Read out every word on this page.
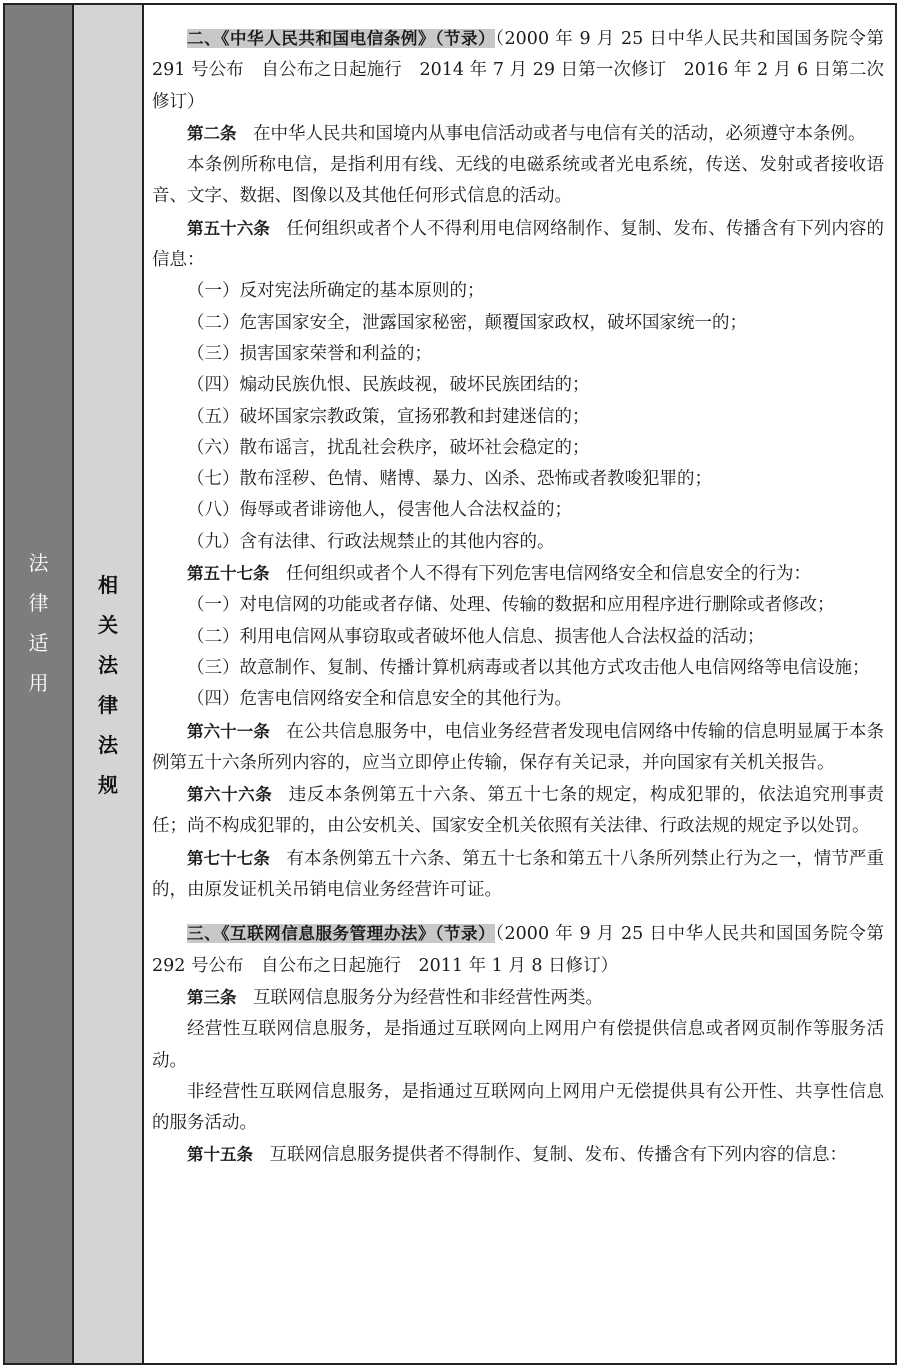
法
律
适
用
相
关
法
律
法
规

二、《中华人民共和国电信条例》（节录）（2000 年 9 月 25 日中华人民共和国国务院令第 291 号公布　自公布之日起施行　2014 年 7 月 29 日第一次修订　2016 年 2 月 6 日第二次修订）

第二条 在中华人民共和国境内从事电信活动或者与电信有关的活动，必须遵守本条例。

本条例所称电信，是指利用有线、无线的电磁系统或者光电系统，传送、发射或者接收语音、文字、数据、图像以及其他任何形式信息的活动。

第五十六条 任何组织或者个人不得利用电信网络制作、复制、发布、传播含有下列内容的信息：

（一）反对宪法所确定的基本原则的；

（二）危害国家安全，泄露国家秘密，颠覆国家政权，破坏国家统一的；

（三）损害国家荣誉和利益的；

（四）煽动民族仇恨、民族歧视，破坏民族团结的；

（五）破坏国家宗教政策，宣扬邪教和封建迷信的；

（六）散布谣言，扰乱社会秩序，破坏社会稳定的；

（七）散布淫秽、色情、赌博、暴力、凶杀、恐怖或者教唆犯罪的；

（八）侮辱或者诽谤他人，侵害他人合法权益的；

（九）含有法律、行政法规禁止的其他内容的。

第五十七条 任何组织或者个人不得有下列危害电信网络安全和信息安全的行为：

（一）对电信网的功能或者存储、处理、传输的数据和应用程序进行删除或者修改；

（二）利用电信网从事窃取或者破坏他人信息、损害他人合法权益的活动；

（三）故意制作、复制、传播计算机病毒或者以其他方式攻击他人电信网络等电信设施；

（四）危害电信网络安全和信息安全的其他行为。

第六十一条 在公共信息服务中，电信业务经营者发现电信网络中传输的信息明显属于本条例第五十六条所列内容的，应当立即停止传输，保存有关记录，并向国家有关机关报告。

第六十六条 违反本条例第五十六条、第五十七条的规定，构成犯罪的，依法追究刑事责任；尚不构成犯罪的，由公安机关、国家安全机关依照有关法律、行政法规的规定予以处罚。

第七十七条 有本条例第五十六条、第五十七条和第五十八条所列禁止行为之一，情节严重的，由原发证机关吊销电信业务经营许可证。

三、《互联网信息服务管理办法》（节录）（2000 年 9 月 25 日中华人民共和国国务院令第 292 号公布　自公布之日起施行　2011 年 1 月 8 日修订）

第三条 互联网信息服务分为经营性和非经营性两类。

经营性互联网信息服务，是指通过互联网向上网用户有偿提供信息或者网页制作等服务活动。

非经营性互联网信息服务，是指通过互联网向上网用户无偿提供具有公开性、共享性信息的服务活动。

第十五条 互联网信息服务提供者不得制作、复制、发布、传播含有下列内容的信息：
